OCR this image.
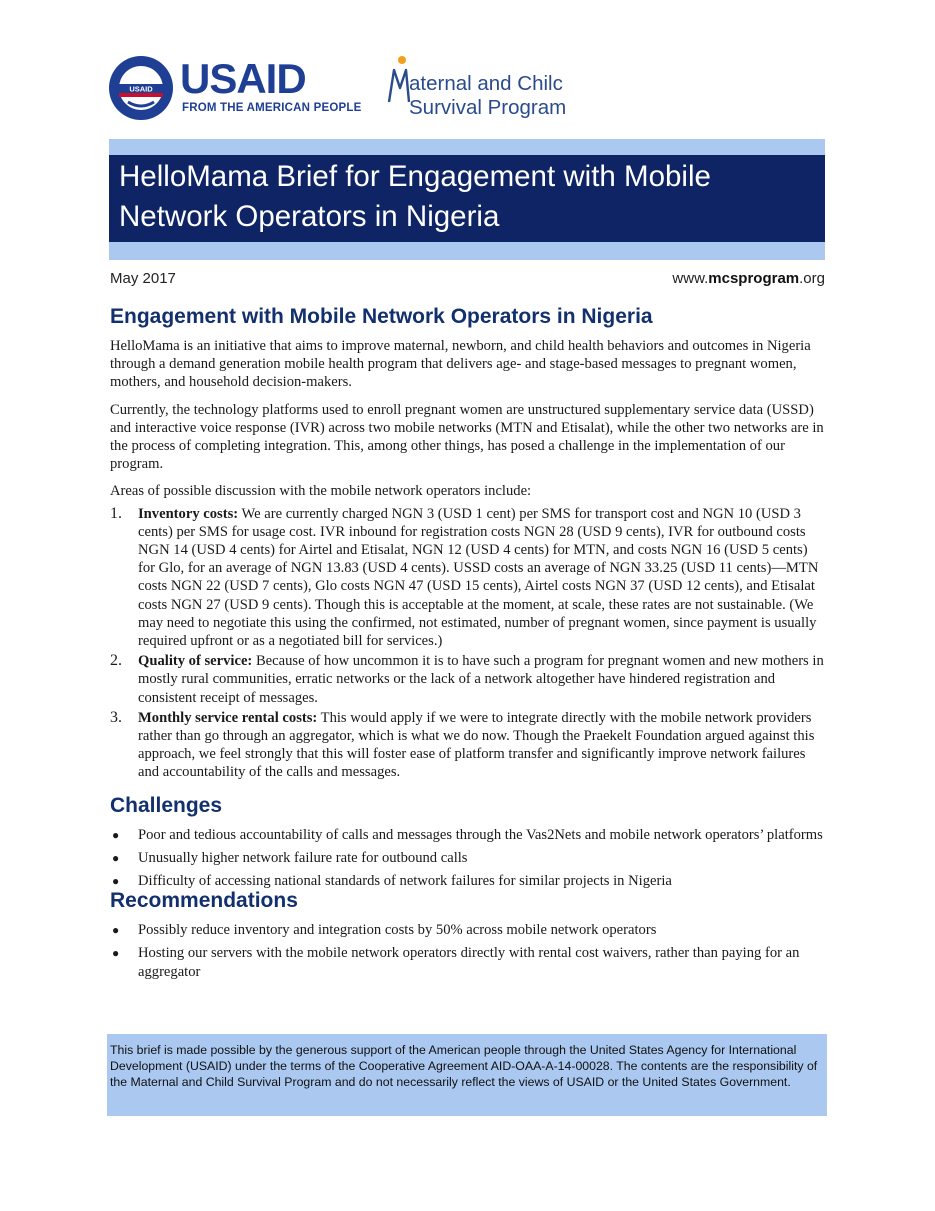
USAID USAID
FROM THE AMERICAN PEOPLE
aternal and Chilc
Survival Program
HelloMama Brief for Engagement with Mobile Network Operators in Nigeria
May 2017	www.mcsprogram.org
Engagement with Mobile Network Operators in Nigeria

HelloMama is an initiative that aims to improve maternal, newborn, and child health behaviors and outcomes in Nigeria through a demand generation mobile health program that delivers age- and stage-based messages to pregnant women, mothers, and household decision-makers.

Currently, the technology platforms used to enroll pregnant women are unstructured supplementary service data (USSD) and interactive voice response (IVR) across two mobile networks (MTN and Etisalat), while the other two networks are in the process of completing integration. This, among other things, has posed a challenge in the implementation of our program.

Areas of possible discussion with the mobile network operators include:

1. Inventory costs: We are currently charged NGN 3 (USD 1 cent) per SMS for transport cost and NGN 10 (USD 3 cents) per SMS for usage cost. IVR inbound for registration costs NGN 28 (USD 9 cents), IVR for outbound costs NGN 14 (USD 4 cents) for Airtel and Etisalat, NGN 12 (USD 4 cents) for MTN, and costs NGN 16 (USD 5 cents) for Glo, for an average of NGN 13.83 (USD 4 cents). USSD costs an average of NGN 33.25 (USD 11 cents)—MTN costs NGN 22 (USD 7 cents), Glo costs NGN 47 (USD 15 cents), Airtel costs NGN 37 (USD 12 cents), and Etisalat costs NGN 27 (USD 9 cents). Though this is acceptable at the moment, at scale, these rates are not sustainable. (We may need to negotiate this using the confirmed, not estimated, number of pregnant women, since payment is usually required upfront or as a negotiated bill for services.)
2. Quality of service: Because of how uncommon it is to have such a program for pregnant women and new mothers in mostly rural communities, erratic networks or the lack of a network altogether have hindered registration and consistent receipt of messages.
3. Monthly service rental costs: This would apply if we were to integrate directly with the mobile network providers rather than go through an aggregator, which is what we do now. Though the Praekelt Foundation argued against this approach, we feel strongly that this will foster ease of platform transfer and significantly improve network failures and accountability of the calls and messages.
Challenges
● Poor and tedious accountability of calls and messages through the Vas2Nets and mobile network operators’ platforms
● Unusually higher network failure rate for outbound calls
● Difficulty of accessing national standards of network failures for similar projects in Nigeria
Recommendations
● Possibly reduce inventory and integration costs by 50% across mobile network operators
● Hosting our servers with the mobile network operators directly with rental cost waivers, rather than paying for an aggregator

This brief is made possible by the generous support of the American people through the United States Agency for International Development (USAID) under the terms of the Cooperative Agreement AID-OAA-A-14-00028. The contents are the responsibility of the Maternal and Child Survival Program and do not necessarily reflect the views of USAID or the United States Government.
